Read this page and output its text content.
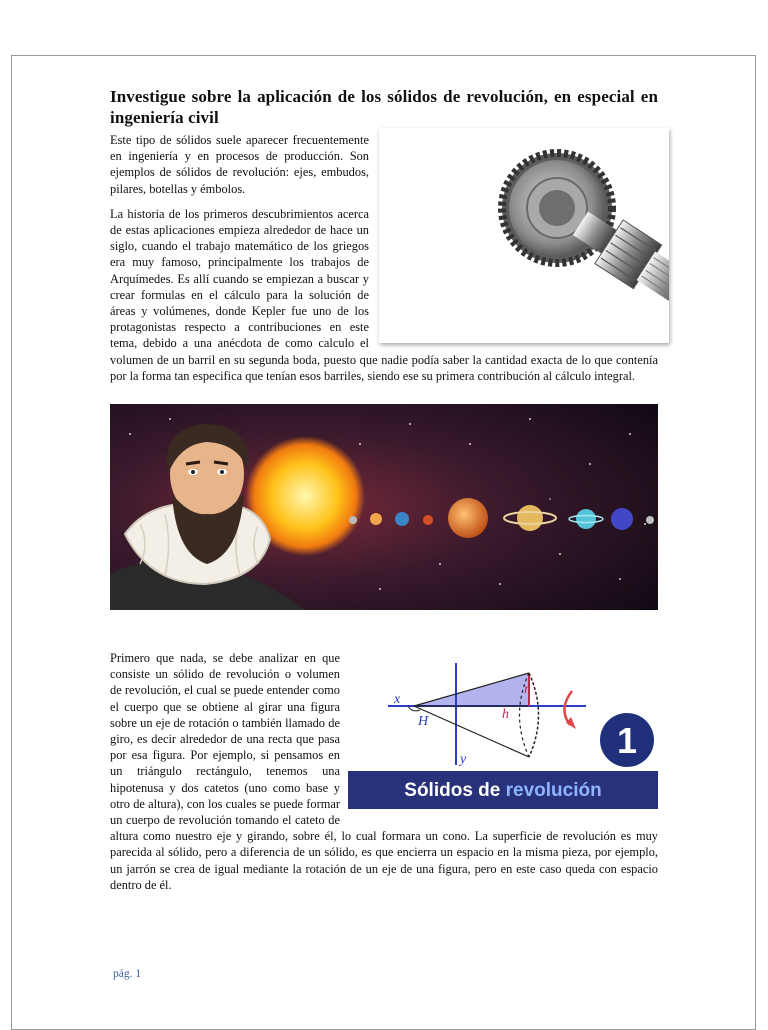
Investigue sobre la aplicación de los sólidos de revolución, en especial en ingeniería civil

Este tipo de sólidos suele aparecer frecuentemente en ingeniería y en procesos de producción. Son ejemplos de sólidos de revolución: ejes, embudos, pilares, botellas y émbolos.

La historia de los primeros descubrimientos acerca de estas aplicaciones empieza alrededor de hace un siglo, cuando el trabajo matemático de los griegos era muy famoso, principalmente los trabajos de Arquímedes. Es allí cuando se empiezan a buscar y crear formulas en el cálculo para la solución de áreas y volúmenes, donde Kepler fue uno de los protagonistas respecto a contribuciones en este tema, debido a una anécdota de como calculo el volumen de un barril en su segunda boda, puesto que nadie podía saber la cantidad exacta de lo que contenía por la forma tan especifica que tenían esos barriles, siendo ese su primera contribución al cálculo integral.

x
y
H	h
r
1
Sólidos de revolución
Primero que nada, se debe analizar en que consiste un sólido de revolución o volumen de revolución, el cual se puede entender como el cuerpo que se obtiene al girar una figura sobre un eje de rotación o también llamado de giro, es decir alrededor de una recta que pasa por esa figura. Por ejemplo, si pensamos en un triángulo rectángulo, tenemos una hipotenusa y dos catetos (uno como base y otro de altura), con los cuales se puede formar un cuerpo de revolución tomando el cateto de altura como nuestro eje y girando, sobre él, lo cual formara un cono. La superficie de revolución es muy parecida al sólido, pero a diferencia de un sólido, es que encierra un espacio en la misma pieza, por ejemplo, un jarrón se crea de igual mediante la rotación de un eje de una figura, pero en este caso queda con espacio dentro de él.

pág. 1
